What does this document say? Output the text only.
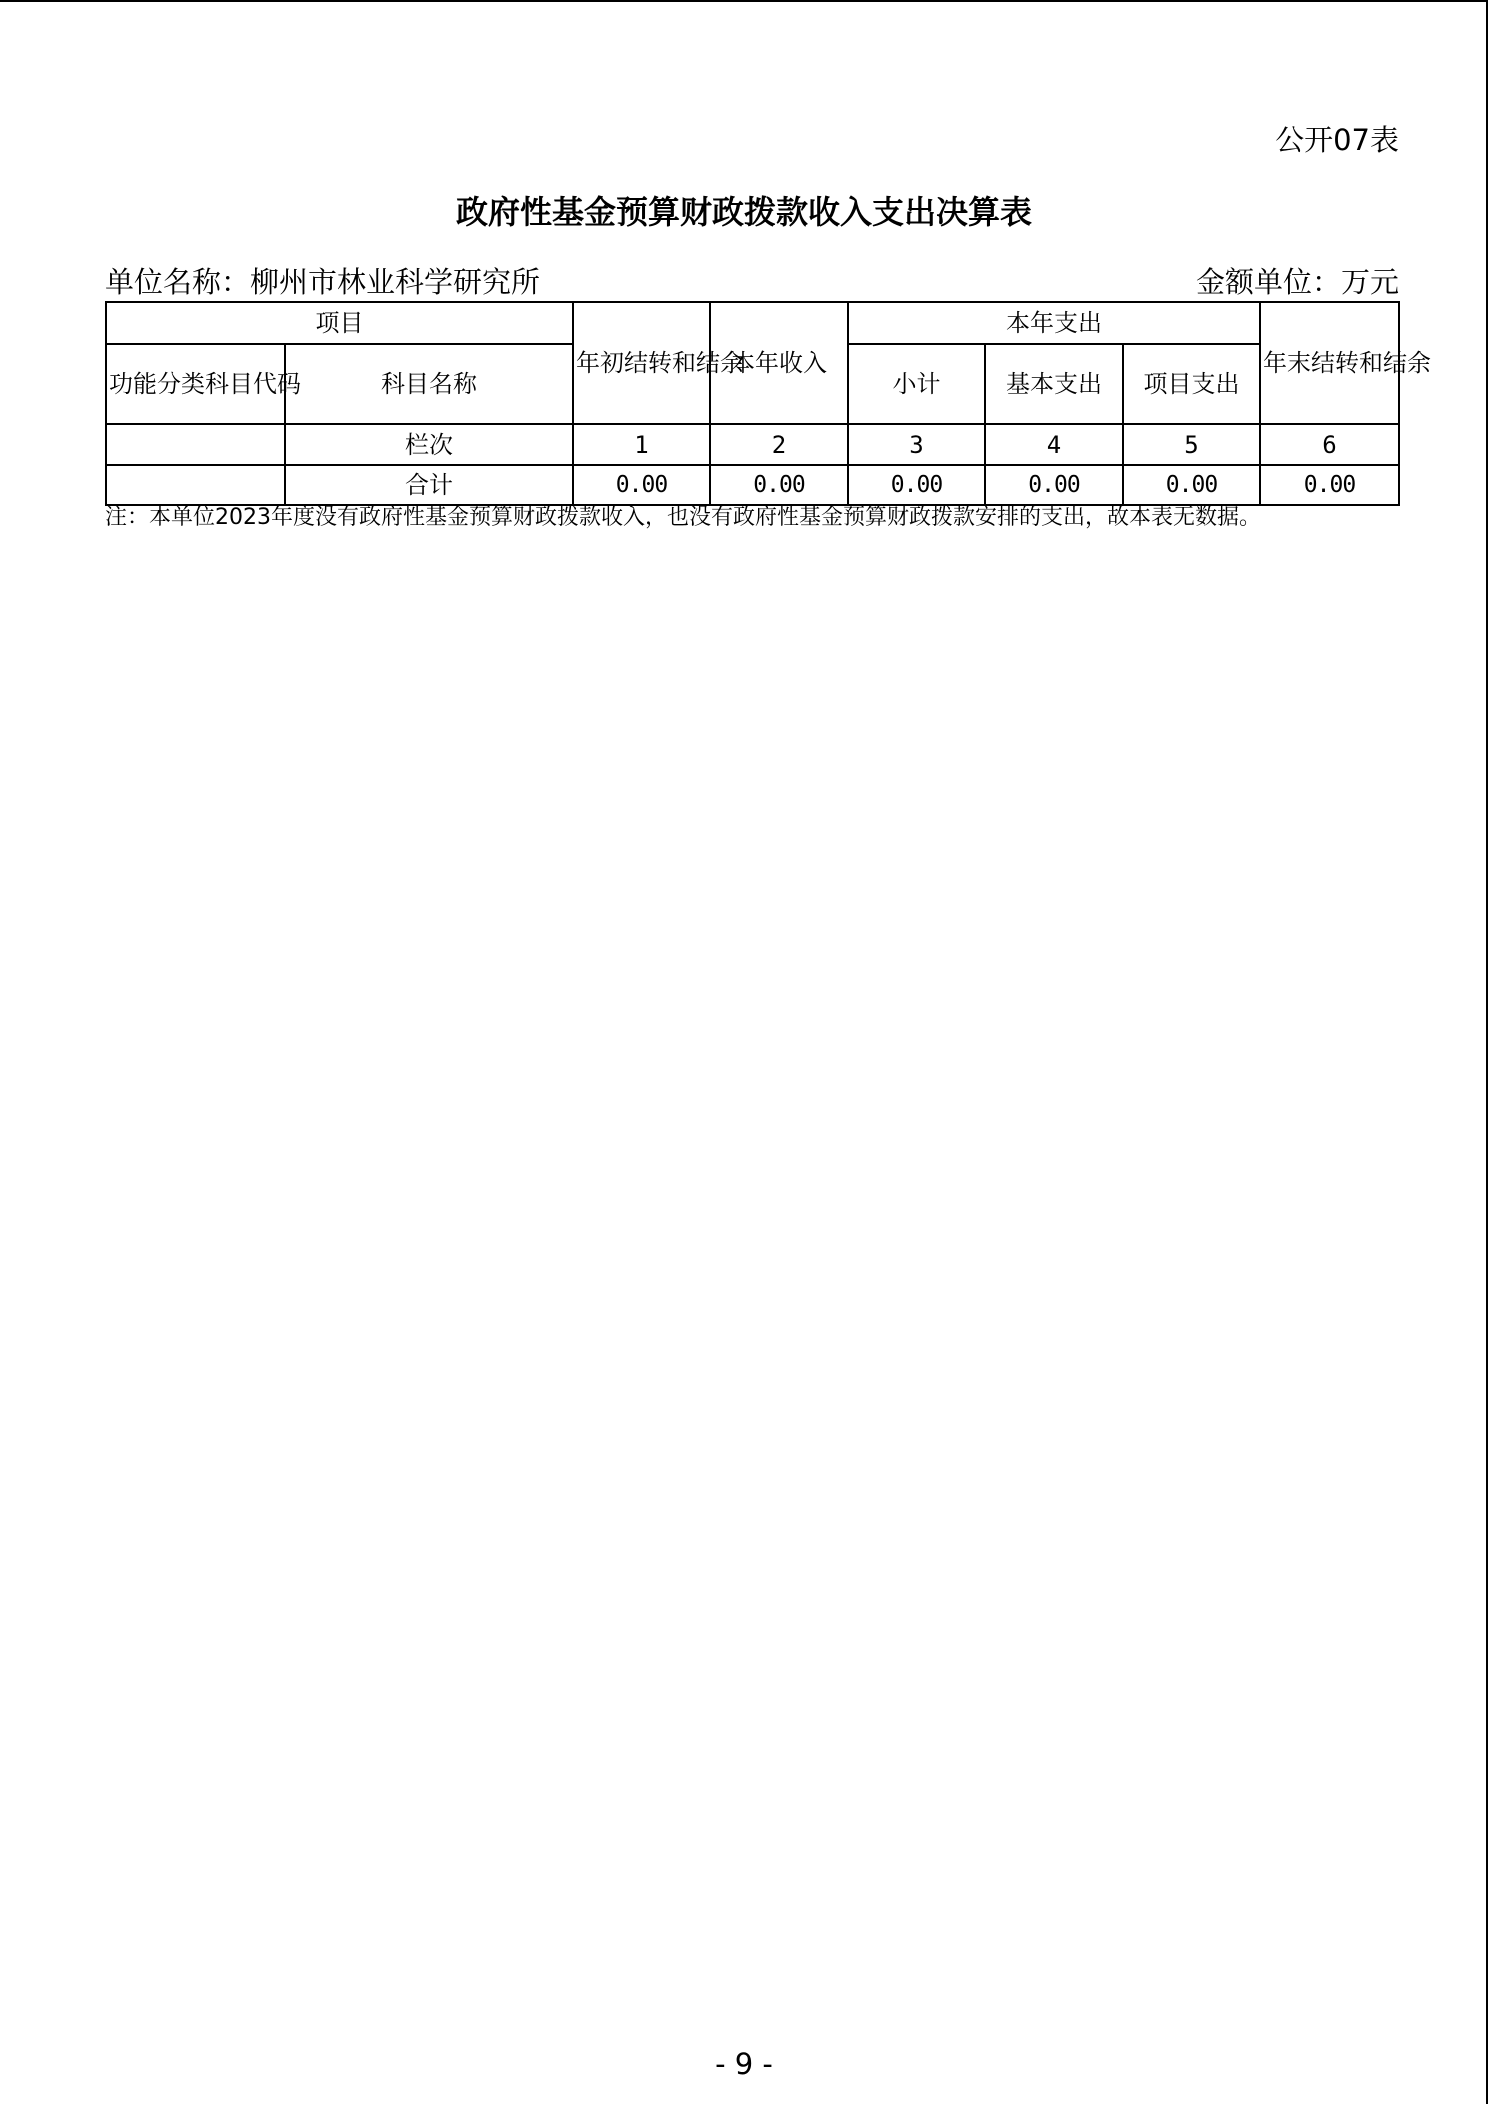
公开07表
政府性基金预算财政拨款收入支出决算表
单位名称：柳州市林业科学研究所	金额单位：万元
项目		年初结转和结余	本年收入	本年支出			年末结转和结余
功能分类科目代码	科目名称			小计	基本支出	项目支出	
	栏次	1	2	3	4	5	6
	合计	0.00	0.00	0.00	0.00	0.00	0.00
注：本单位2023年度没有政府性基金预算财政拨款收入，也没有政府性基金预算财政拨款安排的支出，故本表无数据。
- 9 -
